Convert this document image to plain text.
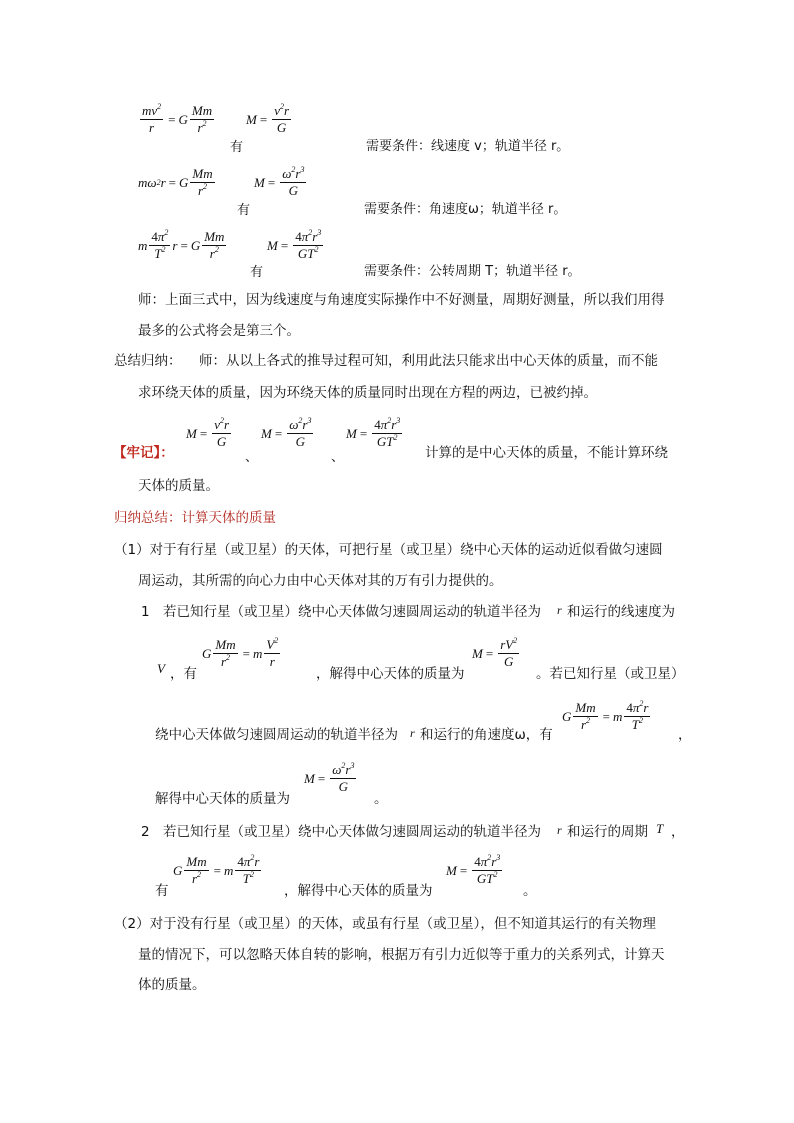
$\frac{mv^2}{r} = G \frac{Mm}{r^2}$
有
$M = \frac{v^2r}{G}$
需要条件：线速度 v；轨道半径 r。
mω 2 r = G $\frac{Mm}{r^2}$
有
$M = \frac{\omega^2r^3}{G}$
需要条件：角速度ω；轨道半径 r。
m $\frac{4\pi^2}{T^2}$ r = G $\frac{Mm}{r^2}$
有
$M = \frac{4\pi^2r^3}{GT^2}$
需要条件：公转周期 T；轨道半径 r。
师：上面三式中，因为线速度与角速度实际操作中不好测量，周期好测量，所以我们用得
最多的公式将会是第三个。
总结归纳： 师：从以上各式的推导过程可知，利用此法只能求出中心天体的质量，而不能
求环绕天体的质量，因为环绕天体的质量同时出现在方程的两边，已被约掉。
【牢记】：
$M = \frac{v^2r}{G}$
、
$M = \frac{\omega^2r^3}{G}$
、
$M = \frac{4\pi^2r^3}{GT^2}$
计算的是中心天体的质量，不能计算环绕
天体的质量。
归纳总结：计算天体的质量
（1）对于有行星（或卫星）的天体，可把行星（或卫星）绕中心天体的运动近似看做匀速圆
周运动，其所需的向心力由中心天体对其的万有引力提供的。
1 若已知行星（或卫星）绕中心天体做匀速圆周运动的轨道半径为 r 和运行的线速度为
V ，有
G $\frac{Mm}{r^2} = m \frac{V^2}{r}$
，解得中心天体的质量为
$M = \frac{rV^2}{G}$
。若已知行星（或卫星）
绕中心天体做匀速圆周运动的轨道半径为 r 和运行的角速度ω，有
G $\frac{Mm}{r^2} = m \frac{4\pi^2r}{T^2}$
，
解得中心天体的质量为
$M = \frac{\omega^2r^3}{G}$
。
2 若已知行星（或卫星）绕中心天体做匀速圆周运动的轨道半径为 r 和运行的周期 T ，
有
G $\frac{Mm}{r^2} = m \frac{4\pi^2r}{T^2}$
，解得中心天体的质量为
$M = \frac{4\pi^2r^3}{GT^2}$
。
（2）对于没有行星（或卫星）的天体，或虽有行星（或卫星），但不知道其运行的有关物理
量的情况下，可以忽略天体自转的影响，根据万有引力近似等于重力的关系列式，计算天
体的质量。
